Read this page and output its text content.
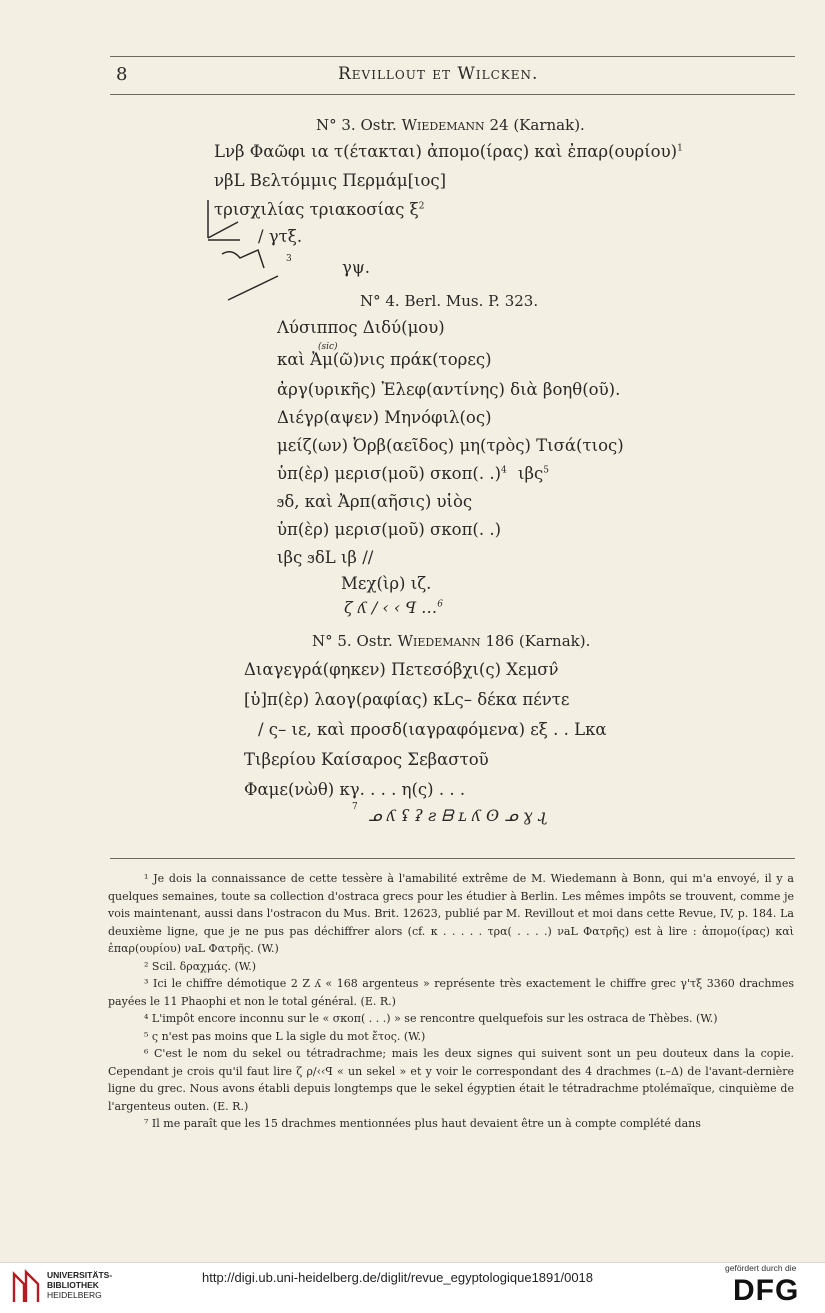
8	Revillout et Wilcken.
N° 3. Ostr. Wiedemann 24 (Karnak).
Lνβ Φαῶφι ια τ(έτακται) ἀπομο(ίρας) καὶ $ἐ\pi\alpha\rho(o\upsilon\rho ίo\upsilon)^1$
νβL Βελτόμμις Περμάμ[ιος]
τρισχιλίας τριακοσίας $\xi^2$
/ γτξ.
3	γψ.
N° 4. Berl. Mus. P. 323.
Λύσιππος Διδύ(μου)
(sic)
καὶ Ἀμ(ῶ)νις πράκ(τορες)
ἀργ(υρικῆς) Ἐλεφ(αντίνης) διὰ βοηθ(οῦ).
Διέγρ(αψεν) Μηνόφιλ(ος)
μείζ(ων) Ὀρβ(αεῖδος) μη(τρὸς) Τισά(τιος)
ὑπ(ὲρ) μερισ(μοῦ) σκοπ(. .)$^4$ ιβς$^5$
ϧδ, καὶ Ἀρπ(αῆσις) υἱὸς
ὑπ(ὲρ) μερισ(μοῦ) σκοπ(. .)
ιβς ϧδL ιβ //
Μεχ(ὶρ) ιζ.
ζ ʎ / ‹ ‹ ꟼ …$^6$
N° 5. Ostr. Wiedemann 186 (Karnak).
Διαγεγρά(φηκεν) Πετεσόβχι(ς) Χεμσν̂
[ὑ]π(ὲρ) λαογ(ραφίας) κLς– δέκα πέντε
/ ς– ιε, καὶ προσδ(ιαγραφόμενα) εξ . . Lκα
Τιβερίου Καίσαρος Σεβαστοῦ
Φαμε(νὼθ) κγ. . . . η(ς) . . .
7 ᓄ ʎ ʢ ʡ ƨ ᗷ ʟ ʎ ʘ ᓄ ɣ ɻ

¹ Je dois la connaissance de cette tessère à l'amabilité extrême de M. Wiedemann à Bonn, qui m'a envoyé, il y a quelques semaines, toute sa collection d'ostraca grecs pour les étudier à Berlin. Les mêmes impôts se trouvent, comme je vois maintenant, aussi dans l'ostracon du Mus. Brit. 12623, publié par M. Revillout et moi dans cette Revue, IV, p. 184. La deuxième ligne, que je ne pus pas déchiffrer alors (cf. κ . . . . . τρα( . . . .) νaL Φατρῆς) est à lire : ἀπομο(ίρας) καὶ ἐπαρ(ουρίου) νaL Φατρῆς. (W.)

² Scil. δραχμάς. (W.)

³ Ici le chiffre démotique 2 Z ʎ « 168 argenteus » représente très exactement le chiffre grec γ'τξ 3360 drachmes payées le 11 Phaophi et non le total général. (E. R.)

⁴ L'impôt encore inconnu sur le « σκοπ( . . .) » se rencontre quelquefois sur les ostraca de Thèbes. (W.)

⁵ ς n'est pas moins que L la sigle du mot ἔτος. (W.)

⁶ C'est le nom du sekel ou tétradrachme; mais les deux signes qui suivent sont un peu douteux dans la copie. Cependant je crois qu'il faut lire ζ ρ/‹‹ꟼ « un sekel » et y voir le correspondant des 4 drachmes (ʟ–Δ) de l'avant-dernière ligne du grec. Nous avons établi depuis longtemps que le sekel égyptien était le tétradrachme ptolémaïque, cinquième de l'argenteus outen. (E. R.)

⁷ Il me paraît que les 15 drachmes mentionnées plus haut devaient être un à compte complété dans

UNIVERSITÄTS-
BIBLIOTHEK
HEIDELBERG
http://digi.ub.uni-heidelberg.de/diglit/revue_egyptologique1891/0018
gefördert durch die
DFG
